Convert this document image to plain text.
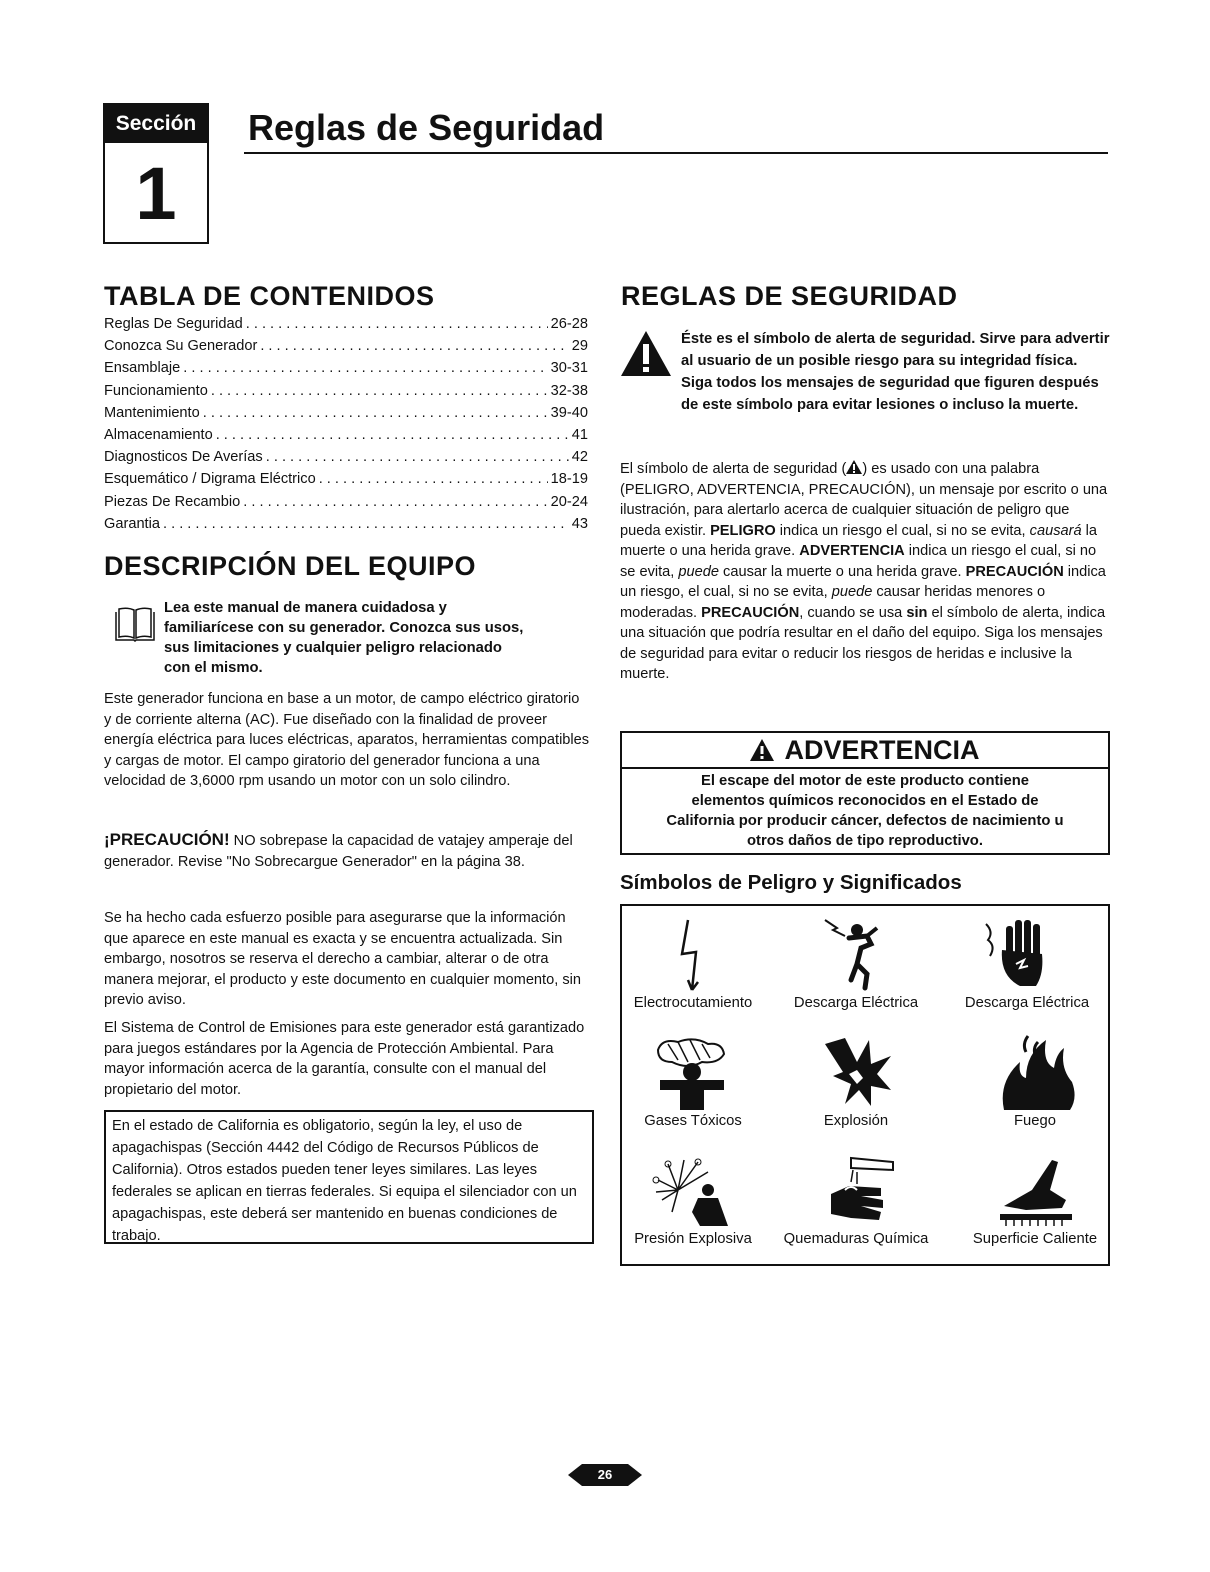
Sección
1
Reglas de Seguridad
TABLA DE CONTENIDOS
Reglas De Seguridad . . .	26-28
Conozca Su Generador . . .	29
Ensamblaje . . .	30-31
Funcionamiento . . .	32-38
Mantenimiento . . .	39-40
Almacenamiento . . .	41
Diagnosticos De Averías . . .	42
Esquemático / Digrama Eléctrico . . .	18-19
Piezas De Recambio . . .	20-24
Garantia . . .	43
DESCRIPCIÓN DEL EQUIPO
Lea este manual de manera cuidadosa y
familiarícese con su generador. Conozca sus usos,
sus limitaciones y cualquier peligro relacionado
con el mismo.
Este generador funciona en base a un motor, de campo eléctrico giratorio y de corriente alterna (AC). Fue diseñado con la finalidad de proveer energía eléctrica para luces eléctricas, aparatos, herramientas compatibles y cargas de motor. El campo giratorio del generador funciona a una velocidad de 3,6000 rpm usando un motor con un solo cilindro.
¡PRECAUCIÓN! NO sobrepase la capacidad de vatajey amperaje del generador. Revise "No Sobrecargue Generador" en la página 38.
Se ha hecho cada esfuerzo posible para asegurarse que la información que aparece en este manual es exacta y se encuentra actualizada. Sin embargo, nosotros se reserva el derecho a cambiar, alterar o de otra manera mejorar, el producto y este documento en cualquier momento, sin previo aviso.
El Sistema de Control de Emisiones para este generador está garantizado para juegos estándares por la Agencia de Protección Ambiental. Para mayor información acerca de la garantía, consulte con el manual del propietario del motor.
En el estado de California es obligatorio, según la ley, el uso de apagachispas (Sección 4442 del Código de Recursos Públicos de California). Otros estados pueden tener leyes similares. Las leyes federales se aplican en tierras federales. Si equipa el silenciador con un apagachispas, este deberá ser mantenido en buenas condiciones de trabajo.
REGLAS DE SEGURIDAD
Éste es el símbolo de alerta de seguridad. Sirve para advertir al usuario de un posible riesgo para su integridad física. Siga todos los mensajes de seguridad que figuren después de este símbolo para evitar lesiones o incluso la muerte.
El símbolo de alerta de seguridad ( ) es usado con una palabra (PELIGRO, ADVERTENCIA, PRECAUCIÓN), un mensaje por escrito o una ilustración, para alertarlo acerca de cualquier situación de peligro que pueda existir. PELIGRO indica un riesgo el cual, si no se evita, causará la muerte o una herida grave. ADVERTENCIA indica un riesgo el cual, si no se evita, puede causar la muerte o una herida grave. PRECAUCIÓN indica un riesgo, el cual, si no se evita, puede causar heridas menores o moderadas. PRECAUCIÓN, cuando se usa sin el símbolo de alerta, indica una situación que podría resultar en el daño del equipo. Siga los mensajes de seguridad para evitar o reducir los riesgos de heridas e inclusive la muerte.
ADVERTENCIA
El escape del motor de este producto contiene
elementos químicos reconocidos en el Estado de
California por producir cáncer, defectos de nacimiento u
otros daños de tipo reproductivo.
Símbolos de Peligro y Significados
Electrocutamiento	Descarga Eléctrica	Descarga Eléctrica
Gases Tóxicos	Explosión	Fuego
Presión Explosiva	Quemaduras Química	Superficie Caliente
26
